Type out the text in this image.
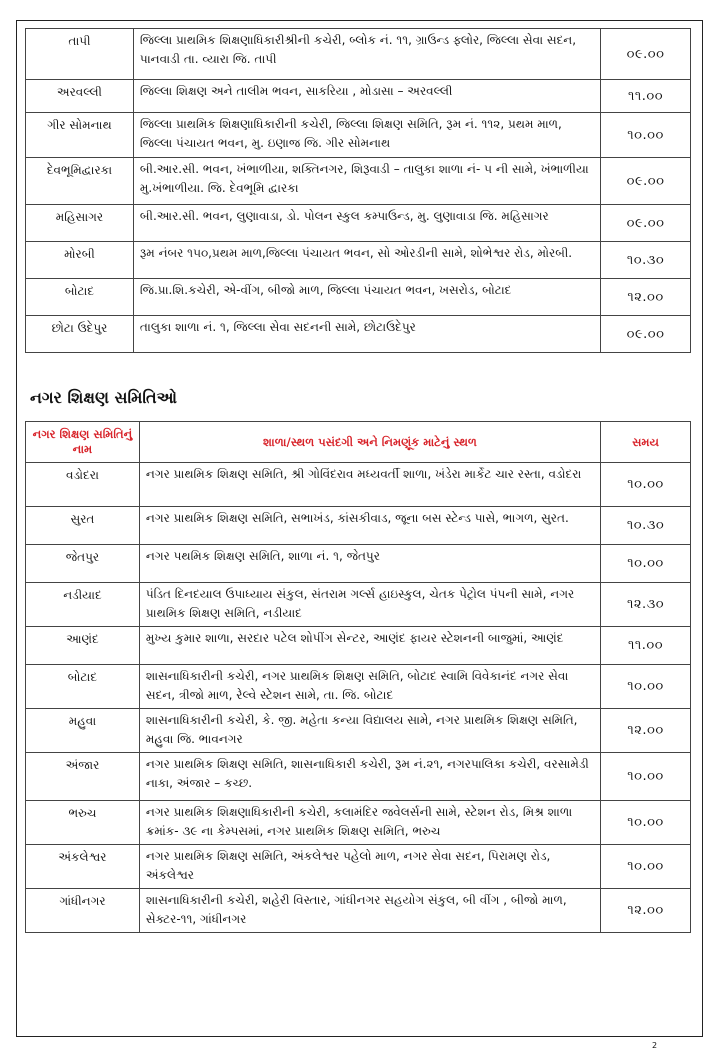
તાપી	જિલ્લા પ્રાથમિક શિક્ષણાધિકારીશ્રીની કચેરી, બ્લોક નં. ૧૧, ગ્રાઉન્ડ ફ્લોર, જિલ્લા સેવા સદન, પાનવાડી તા. વ્યારા જિ. તાપી	૦૯.૦૦
અરવલ્લી	જિલ્લા શિક્ષણ અને તાલીમ ભવન, સાકરિયા , મોડાસા – અરવલ્લી	૧૧.૦૦
ગીર સોમનાથ	જિલ્લા પ્રાથમિક શિક્ષણાધિકારીની કચેરી, જિલ્લા શિક્ષણ સમિતિ, રૂમ નં. ૧૧૨, પ્રથમ માળ, જિલ્લા પંચાયત ભવન, મુ. ઇણાજ જિ. ગીર સોમનાથ	૧૦.૦૦
દેવભૂમિદ્વારકા	બી.આર.સી. ભવન, ખંભાળીયા, શક્તિનગર, શિરૂવાડી – તાલુકા શાળા નં- ૫ ની સામે, ખંભાળીયા મુ.ખંભાળીયા. જિ. દેવભૂમિ દ્વારકા	૦૯.૦૦
મહિસાગર	બી.આર.સી. ભવન, લુણાવાડા, ડો. પોલન સ્કુલ કમ્પાઉન્ડ, મુ. લુણાવાડા જિ. મહિસાગર	૦૯.૦૦
મોરબી	રૂમ નંબર ૧૫૦,પ્રથમ માળ,જિલ્લા પંચાયત ભવન, સો ઓરડીની સામે, શોભેશ્વર રોડ, મોરબી.	૧૦.૩૦
બોટાદ	જિ.પ્રા.શિ.કચેરી, એ-વીંગ, બીજો માળ, જિલ્લા પંચાયત ભવન, ખસરોડ, બોટાદ	૧૨.૦૦
છોટા ઉદેપુર	તાલુકા શાળા નં. ૧, જિલ્લા સેવા સદનની સામે, છોટાઉદેપુર	૦૯.૦૦
નગર શિક્ષણ સમિતિઓ
નગર શિક્ષણ સમિતિનું નામ	શાળા/સ્થળ પસંદગી અને નિમણૂંક માટેનું સ્થળ	સમય
વડોદરા	નગર પ્રાથમિક શિક્ષણ સમિતિ, શ્રી ગોવિંદરાવ મધ્યવર્તી શાળા, ખંડેરા માર્કેટ ચાર રસ્તા, વડોદરા	૧૦.૦૦
સુરત	નગર પ્રાથમિક શિક્ષણ સમિતિ, સભાખંડ, કાંસકીવાડ, જૂના બસ સ્ટેન્ડ પાસે, ભાગળ, સુરત.	૧૦.૩૦
જેતપુર	નગર પથમિક શિક્ષણ સમિતિ, શાળા નં. ૧, જેતપુર	૧૦.૦૦
નડીયાદ	પંડિત દિનદયાલ ઉપાધ્યાય સંકુલ, સંતરામ ગર્લ્સ હાઇસ્કુલ, ચેતક પેટ્રોલ પંપની સામે, નગર પ્રાથમિક શિક્ષણ સમિતિ, નડીયાદ	૧૨.૩૦
આણંદ	મુખ્ય કુમાર શાળા, સરદાર પટેલ શોપીંગ સેન્ટર, આણંદ ફાયર સ્ટેશનની બાજુમાં, આણંદ	૧૧.૦૦
બોટાદ	શાસનાધિકારીની કચેરી, નગર પ્રાથમિક શિક્ષણ સમિતિ, બોટાદ સ્વામિ વિવેકાનંદ નગર સેવા સદન, ત્રીજો માળ, રેલ્વે સ્ટેશન સામે, તા. જિ. બોટાદ	૧૦.૦૦
મહુવા	શાસનાધિકારીની કચેરી, કે. જી. મહેતા કન્યા વિદ્યાલય સામે, નગર પ્રાથમિક શિક્ષણ સમિતિ, મહુવા જિ. ભાવનગર	૧૨.૦૦
અંજાર	નગર પ્રાથમિક શિક્ષણ સમિતિ, શાસનાધિકારી કચેરી, રૂમ નં.૨૧, નગરપાલિકા કચેરી, વરસામેડી નાકા, અંજાર – કચ્છ.	૧૦.૦૦
ભરુચ	નગર પ્રાથમિક શિક્ષણાધિકારીની કચેરી, કલામંદિર જવેલર્સની સામે, સ્ટેશન રોડ, મિશ્ર શાળા ક્રમાંક- ૩૯ ના કેમ્પસમાં, નગર પ્રાથમિક શિક્ષણ સમિતિ, ભરુચ	૧૦.૦૦
અંકલેશ્વર	નગર પ્રાથમિક શિક્ષણ સમિતિ, અંકલેશ્વર પહેલો માળ, નગર સેવા સદન, પિરામણ રોડ, અંકલેશ્વર	૧૦.૦૦
ગાંધીનગર	શાસનાધિકારીની કચેરી, શહેરી વિસ્તાર, ગાંધીનગર સહયોગ સંકુલ, બી વીંગ , બીજો માળ, સેક્ટર-૧૧, ગાંધીનગર	૧૨.૦૦
2
